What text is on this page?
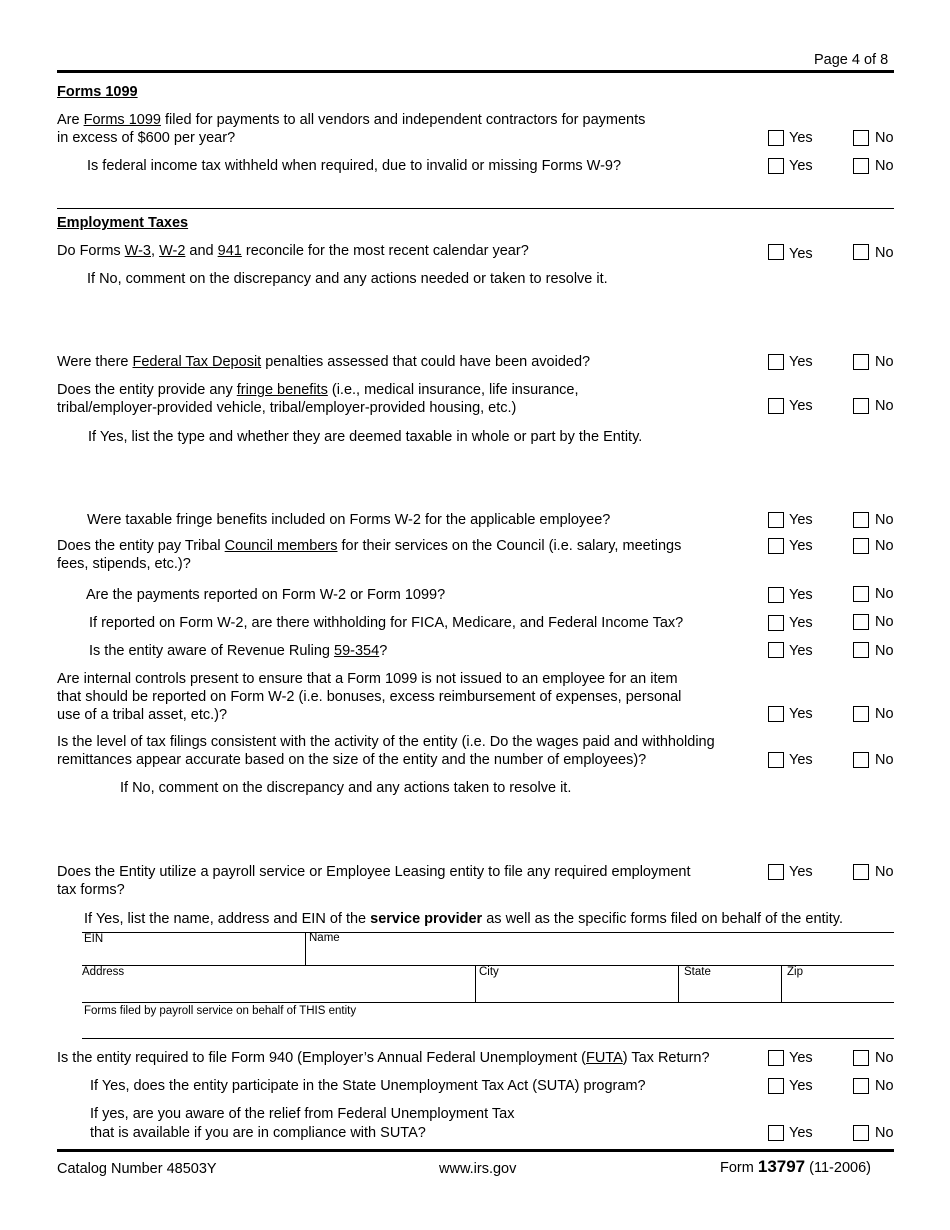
Page 4 of 8
Forms 1099
Are Forms 1099 filed for payments to all vendors and independent contractors for payments
in excess of $600 per year?	Yes	No
Is federal income tax withheld when required, due to invalid or missing Forms W-9?	Yes	No
Employment Taxes
Do Forms W-3, W-2 and 941 reconcile for the most recent calendar year?	Yes	No
If No, comment on the discrepancy and any actions needed or taken to resolve it.
Were there Federal Tax Deposit penalties assessed that could have been avoided?	Yes	No
Does the entity provide any fringe benefits (i.e., medical insurance, life insurance,
tribal/employer-provided vehicle, tribal/employer-provided housing, etc.)	Yes	No
If Yes, list the type and whether they are deemed taxable in whole or part by the Entity.
Were taxable fringe benefits included on Forms W-2 for the applicable employee?	Yes	No
Does the entity pay Tribal Council members for their services on the Council (i.e. salary, meetings
fees, stipends, etc.)?
Yes	No
Are the payments reported on Form W-2 or Form 1099?	Yes	No
If reported on Form W-2, are there withholding for FICA, Medicare, and Federal Income Tax?	Yes	No
Is the entity aware of Revenue Ruling 59-354?	Yes	No
Are internal controls present to ensure that a Form 1099 is not issued to an employee for an item
that should be reported on Form W-2 (i.e. bonuses, excess reimbursement of expenses, personal
use of a tribal asset, etc.)?	Yes	No
Is the level of tax filings consistent with the activity of the entity (i.e. Do the wages paid and withholding
remittances appear accurate based on the size of the entity and the number of employees)?	Yes	No
If No, comment on the discrepancy and any actions taken to resolve it.
Does the Entity utilize a payroll service or Employee Leasing entity to file any required employment
tax forms?
Yes	No
If Yes, list the name, address and EIN of the service provider as well as the specific forms filed on behalf of the entity.
EIN	Name
Address	City	State	Zip
Forms filed by payroll service on behalf of THIS entity
Is the entity required to file Form 940 (Employer’s Annual Federal Unemployment (FUTA) Tax Return?	Yes	No
If Yes, does the entity participate in the State Unemployment Tax Act (SUTA) program?	Yes	No
If yes, are you aware of the relief from Federal Unemployment Tax
that is available if you are in compliance with SUTA?	Yes	No
Catalog Number 48503Y	www.irs.gov	Form 13797 (11-2006)
